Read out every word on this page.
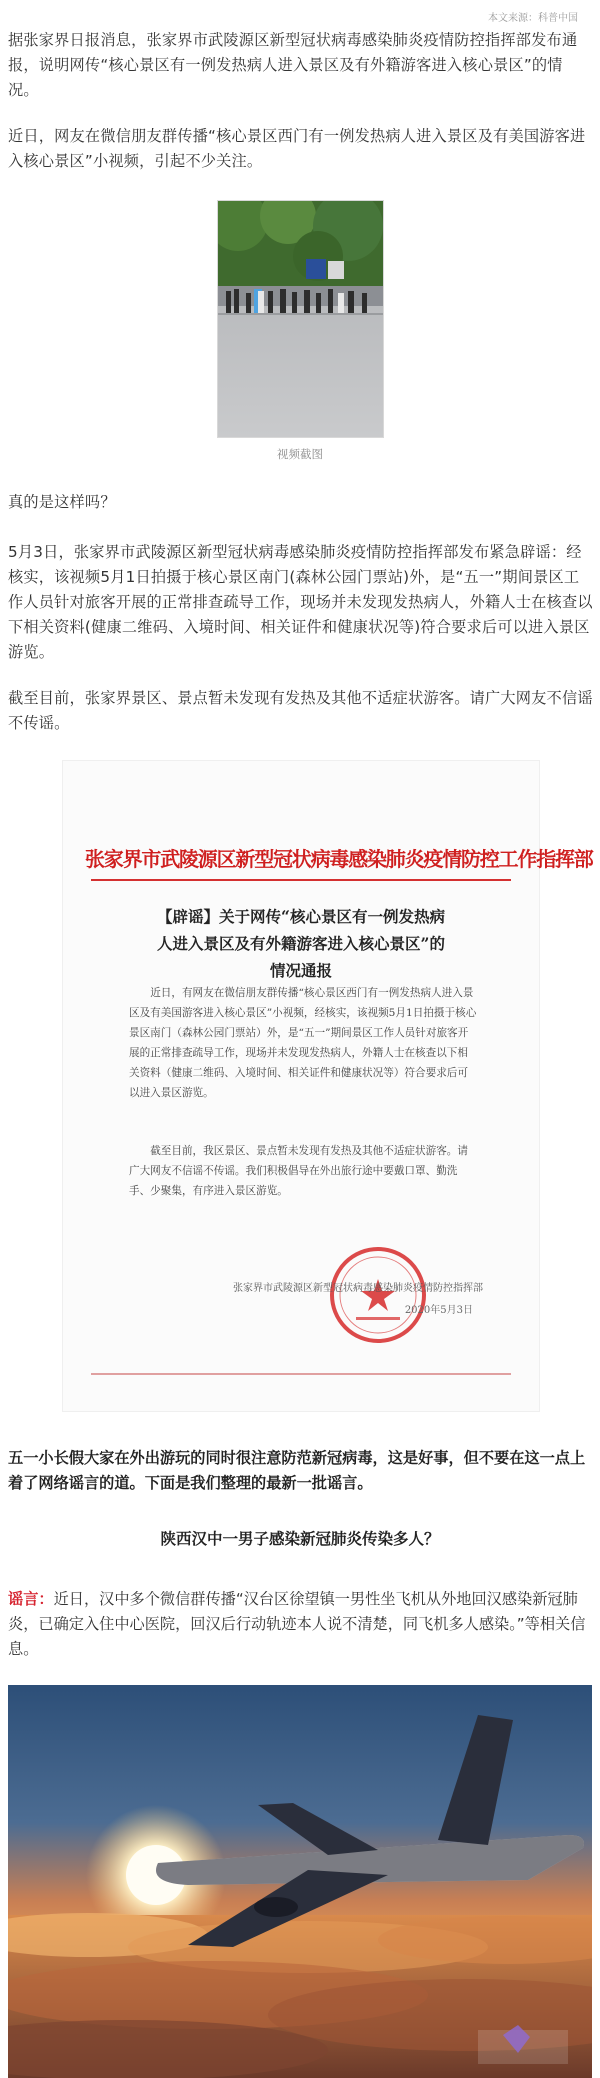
本文来源：科普中国

据张家界日报消息，张家界市武陵源区新型冠状病毒感染肺炎疫情防控指挥部发布通报，说明网传“核心景区有一例发热病人进入景区及有外籍游客进入核心景区”的情况。

近日，网友在微信朋友群传播“核心景区西门有一例发热病人进入景区及有美国游客进入核心景区”小视频，引起不少关注。

视频截图

真的是这样吗？

5月3日，张家界市武陵源区新型冠状病毒感染肺炎疫情防控指挥部发布紧急辟谣：经核实，该视频5月1日拍摄于核心景区南门(森林公园门票站)外，是“五一”期间景区工作人员针对旅客开展的正常排查疏导工作，现场并未发现发热病人，外籍人士在核查以下相关资料(健康二维码、入境时间、相关证件和健康状况等)符合要求后可以进入景区游览。

截至目前，张家界景区、景点暂未发现有发热及其他不适症状游客。请广大网友不信谣不传谣。

张家界市武陵源区新型冠状病毒感染肺炎疫情防控工作指挥部
【辟谣】关于网传“核心景区有一例发热病
人进入景区及有外籍游客进入核心景区”的
情况通报

近日，有网友在微信朋友群传播“核心景区西门有一例发热病人进入景区及有美国游客进入核心景区”小视频，经核实，该视频5月1日拍摄于核心景区南门（森林公园门票站）外，是“五一”期间景区工作人员针对旅客开展的正常排查疏导工作，现场并未发现发热病人，外籍人士在核查以下相关资料（健康二维码、入境时间、相关证件和健康状况等）符合要求后可以进入景区游览。

截至目前，我区景区、景点暂未发现有发热及其他不适症状游客。请广大网友不信谣不传谣。我们积极倡导在外出旅行途中要戴口罩、勤洗手、少聚集，有序进入景区游览。

张家界市武陵源区新型冠状病毒感染肺炎疫情防控指挥部
2020年5月3日

五一小长假大家在外出游玩的同时很注意防范新冠病毒，这是好事，但不要在这一点上着了网络谣言的道。下面是我们整理的最新一批谣言。

陕西汉中一男子感染新冠肺炎传染多人？

谣言：近日，汉中多个微信群传播“汉台区徐望镇一男性坐飞机从外地回汉感染新冠肺炎，已确定入住中心医院，回汉后行动轨迹本人说不清楚，同飞机多人感染。”等相关信息。
